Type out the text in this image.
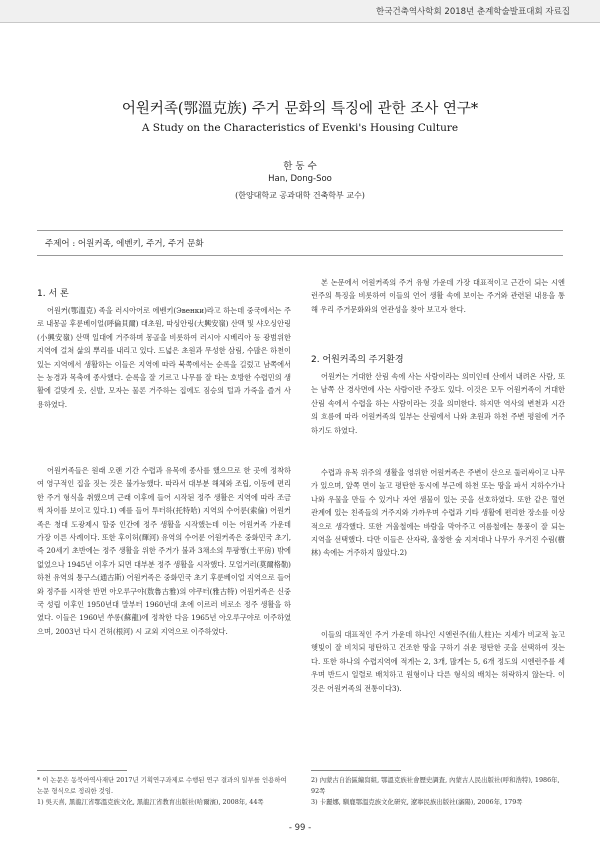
한국건축역사학회 2018년 춘계학술발표대회 자료집
어원커족(鄂溫克族) 주거 문화의 특징에 관한 조사 연구*
A Study on the Characteristics of Evenki's Housing Culture
한 동 수
Han, Dong-Soo
(한양대학교 공과대학 건축학부 교수)
주제어 : 어원커족, 에벤키, 주거, 주거 문화
1. 서 론

어원커(鄂溫克) 족을 러시아어로 에벤키(Эвенки)라고 하는데 중국에서는 주로 내몽골 후룬베이얼(呼倫貝爾) 대초원, 따싱안링(大興安嶺) 산맥 및 샤오싱안링(小興安嶺) 산맥 일대에 거주하며 몽골을 비롯하여 러시아 시베리아 등 광범위한 지역에 걸쳐 삶의 뿌리를 내리고 있다. 드넓은 초원과 무성한 삼림, 수많은 하천이 있는 지역에서 생활하는 이들은 지역에 따라 북쪽에서는 순록을 길렀고 남쪽에서는 농경과 목축에 종사했다. 순록을 잘 기르고 나무를 잘 타는 호방한 수렵민의 생활에 걸맞게 옷, 신발, 모자는 물론 거주하는 집에도 짐승의 털과 가죽을 즐겨 사용하였다.

어원커족들은 원래 오랜 기간 수렵과 유목에 종사를 했으므로 한 곳에 정착하여 영구적인 집을 짓는 것은 불가능했다. 따라서 대부분 해체와 조립, 이동에 편리한 주거 형식을 취했으며 근래 이후에 들어 시작된 정주 생활은 지역에 따라 조금씩 차이를 보이고 있다.1) 예를 들어 투터하(托特哈) 지역의 수어룬(索倫) 어원커족은 청대 도광제시 할중 인간에 정주 생활을 시작했는데 이는 어원커족 가운데 가장 이른 사례이다. 또한 후이허(輝河) 유역의 수어룬 어원커족은 중화민국 초기, 즉 20세기 초반에는 정주 생활을 위한 주거가 불과 3채소의 투팡짱(土平房) 밖에 없었으나 1945년 이후가 되면 대부분 정주 생활을 시작했다. 모얼거러(莫爾格勒) 하천 유역의 퉁구스(通古斯) 어원커족은 중화민국 초기 후룬베이얼 지역으로 들어와 정주를 시작한 반면 아오루구야(敖魯古雅)의 야쿠터(雅古特) 어원커족은 신중국 성립 이후인 1950년대 말부터 1960년대 초에 이르러 비로소 정주 생활을 하였다. 이들은 1960년 쑤롱(蘇龍)에 정착한 다음 1965년 아오루구야로 이주하였으며, 2003년 다시 건허(根河) 시 교외 지역으로 이주하였다.

* 이 논문은 동북아역사재단 2017년 기획연구과제로 수행된 연구 결과의 일부를 인용하여 논문 형식으로 정리한 것임.
1) 吳天喜, 黑龍江省鄂溫克族文化, 黑龍江省教育出版社(哈爾濱), 2008年, 44쪽

본 논문에서 어원커족의 주거 유형 가운데 가장 대표적이고 근간이 되는 시엔런주의 특징을 비롯하여 이들의 언어 생활 속에 보이는 주거와 관련된 내용을 통해 우리 주거문화와의 연관성을 찾아 보고자 한다.

2. 어원커족의 주거환경

어원커는 거대한 산림 속에 사는 사람이라는 의미인데 산에서 내려온 사람, 또는 남쪽 산 경사면에 사는 사람이란 주장도 있다. 이것은 모두 어원커족이 거대한 산림 속에서 수렵을 하는 사람이라는 것을 의미한다. 하지만 역사의 변천과 시간의 흐름에 따라 어원커족의 일부는 산림에서 나와 초원과 하천 주변 평원에 거주하기도 하였다.

수렵과 유목 위주의 생활을 영위한 어원커족은 주변이 산으로 둘러싸이고 나무가 있으며, 앞쪽 면이 높고 평탄한 동시에 부근에 하천 또는 땅을 파서 지하수가나 나와 우물을 만들 수 있거나 자연 샘물이 있는 곳을 선호하였다. 또한 같은 혈연 관계에 있는 친족들의 거주지와 가까우며 수렵과 기타 생활에 편리한 장소를 이상적으로 생각했다. 또한 겨울철에는 바람을 막아주고 여름철에는 통풍이 잘 되는 지역을 선택했다. 다만 이들은 산자락, 울창한 숲 지저대나 나무가 우거진 수림(樹林) 속에는 거주하지 않았다.2)

이들의 대표적인 주거 가운데 하나인 시엔런주(仙人柱)는 지세가 비교적 높고 햇빛이 잘 비치되 평탄하고 건조한 땅을 구하기 쉬운 평탄한 곳을 선택하여 짓는다. 또한 하나의 수렵지역에 적게는 2, 3개, 많게는 5, 6개 정도의 시엔런주를 세우며 반드시 일렬로 배치하고 원형이나 다른 형식의 배치는 허락하지 않는다. 이것은 어원커족의 전통이다3).

2) 內蒙古自治區編寫組, 鄂溫克族社會歷史調査, 內蒙古人民出版社(呼和浩特), 1986年, 92쪽
3) 卡麗娜, 馴鹿鄂溫克族文化研究, 遼寧民族出版社(瀋陽), 2006年, 179쪽

- 99 -
